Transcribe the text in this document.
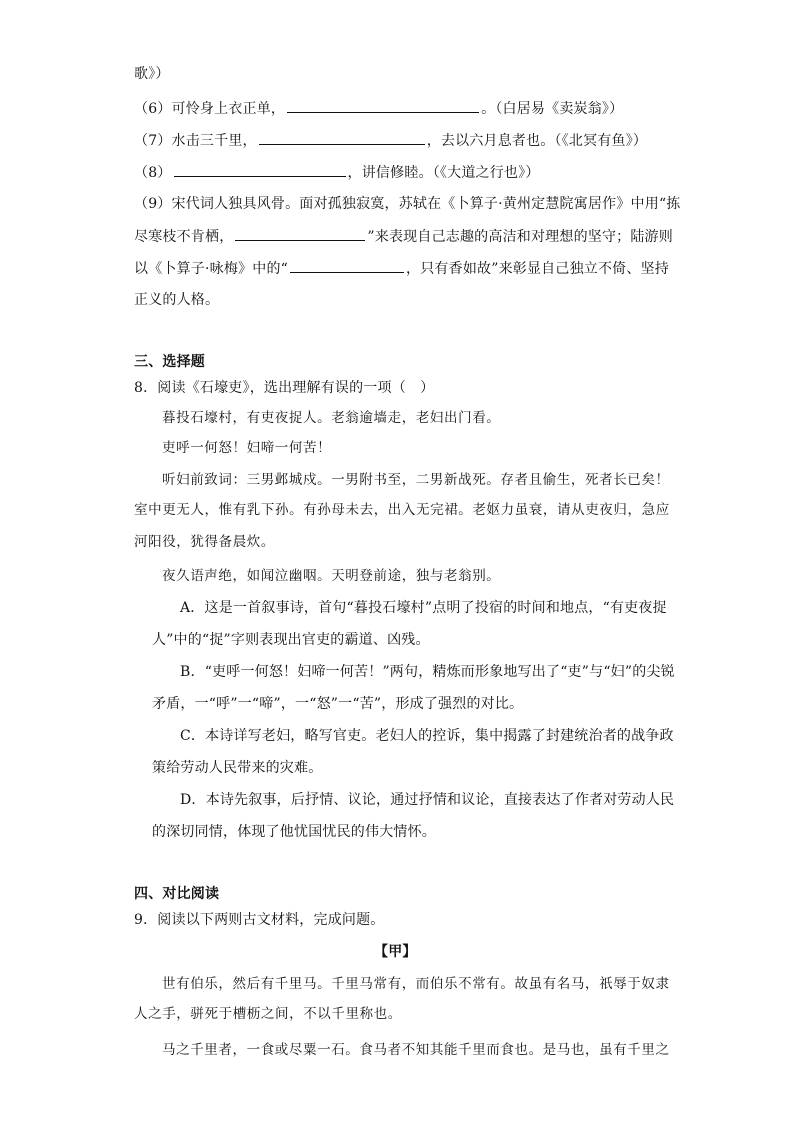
歌》）
（6）可怜身上衣正单，	。（白居易《卖炭翁》）
（7）水击三千里，	，去以六月息者也。（《北冥有鱼》）
（8）	，讲信修睦。（《大道之行也》）
（9）宋代词人独具风骨。面对孤独寂寞，苏轼在《卜算子·黄州定慧院寓居作》中用“拣
尽寒枝不肯栖，	”来表现自己志趣的高洁和对理想的坚守；陆游则
以《卜算子·咏梅》中的“	，只有香如故”来彰显自己独立不倚、坚持
正义的人格。
三、选择题
8．阅读《石壕吏》，选出理解有误的一项（　）
暮投石壕村，有吏夜捉人。老翁逾墙走，老妇出门看。
吏呼一何怒！妇啼一何苦！
听妇前致词：三男邺城戍。一男附书至，二男新战死。存者且偷生，死者长已矣！
室中更无人，惟有乳下孙。有孙母未去，出入无完裙。老妪力虽衰，请从吏夜归，急应
河阳役，犹得备晨炊。
夜久语声绝，如闻泣幽咽。天明登前途，独与老翁别。
A．这是一首叙事诗，首句“暮投石壕村”点明了投宿的时间和地点，“有吏夜捉
人”中的“捉”字则表现出官吏的霸道、凶残。
B．“吏呼一何怒！妇啼一何苦！”两句，精炼而形象地写出了“吏”与“妇”的尖锐
矛盾，一“呼”一“啼”，一“怒”一“苦”，形成了强烈的对比。
C．本诗详写老妇，略写官吏。老妇人的控诉，集中揭露了封建统治者的战争政
策给劳动人民带来的灾难。
D．本诗先叙事，后抒情、议论，通过抒情和议论，直接表达了作者对劳动人民
的深切同情，体现了他忧国忧民的伟大情怀。
四、对比阅读
9．阅读以下两则古文材料，完成问题。
【甲】
世有伯乐，然后有千里马。千里马常有，而伯乐不常有。故虽有名马，祇辱于奴隶
人之手，骈死于槽枥之间，不以千里称也。
马之千里者，一食或尽粟一石。食马者不知其能千里而食也。是马也，虽有千里之
